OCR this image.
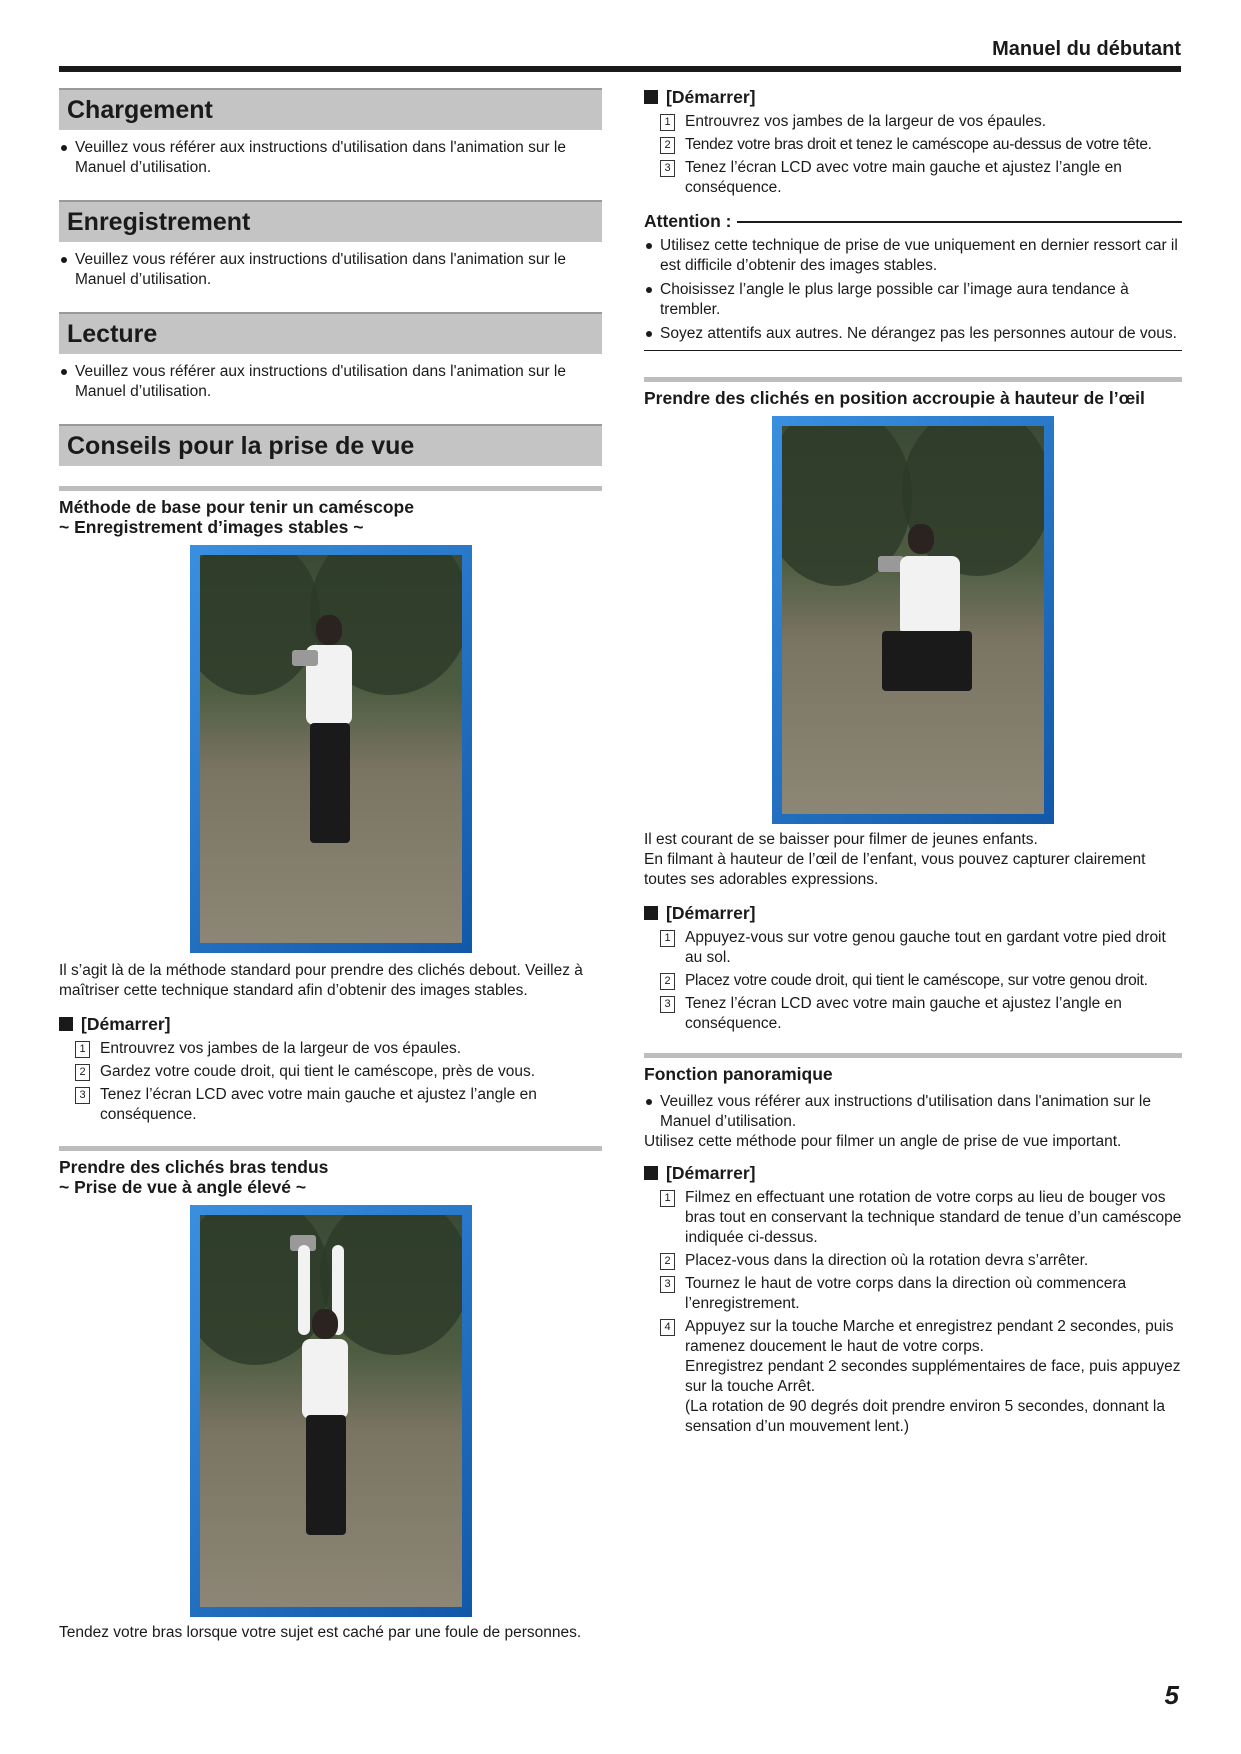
Manuel du débutant
Chargement
Veuillez vous référer aux instructions d'utilisation dans l'animation sur le Manuel d’utilisation.
Enregistrement
Veuillez vous référer aux instructions d'utilisation dans l'animation sur le Manuel d’utilisation.
Lecture
Veuillez vous référer aux instructions d'utilisation dans l'animation sur le Manuel d’utilisation.
Conseils pour la prise de vue
Méthode de base pour tenir un caméscope
~ Enregistrement d’images stables ~
Il s’agit là de la méthode standard pour prendre des clichés debout. Veillez à maîtriser cette technique standard afin d’obtenir des images stables.
[Démarrer]
1 Entrouvrez vos jambes de la largeur de vos épaules.
2 Gardez votre coude droit, qui tient le caméscope, près de vous.
3 Tenez l’écran LCD avec votre main gauche et ajustez l’angle en conséquence.
Prendre des clichés bras tendus
~ Prise de vue à angle élevé ~
Tendez votre bras lorsque votre sujet est caché par une foule de personnes.
[Démarrer]
1 Entrouvrez vos jambes de la largeur de vos épaules.
2 Tendez votre bras droit et tenez le caméscope au-dessus de votre tête.
3 Tenez l’écran LCD avec votre main gauche et ajustez l’angle en conséquence.
Attention :
Utilisez cette technique de prise de vue uniquement en dernier ressort car il est difficile d’obtenir des images stables.
Choisissez l’angle le plus large possible car l’image aura tendance à trembler.
Soyez attentifs aux autres. Ne dérangez pas les personnes autour de vous.
Prendre des clichés en position accroupie à hauteur de l’œil
Il est courant de se baisser pour filmer de jeunes enfants.
En filmant à hauteur de l’œil de l’enfant, vous pouvez capturer clairement toutes ses adorables expressions.
[Démarrer]
1 Appuyez-vous sur votre genou gauche tout en gardant votre pied droit au sol.
2 Placez votre coude droit, qui tient le caméscope, sur votre genou droit.
3 Tenez l’écran LCD avec votre main gauche et ajustez l’angle en conséquence.
Fonction panoramique
Veuillez vous référer aux instructions d'utilisation dans l'animation sur le Manuel d’utilisation.
Utilisez cette méthode pour filmer un angle de prise de vue important.
[Démarrer]
1 Filmez en effectuant une rotation de votre corps au lieu de bouger vos bras tout en conservant la technique standard de tenue d’un caméscope indiquée ci-dessus.
2 Placez-vous dans la direction où la rotation devra s’arrêter.
3 Tournez le haut de votre corps dans la direction où commencera l’enregistrement.
4 Appuyez sur la touche Marche et enregistrez pendant 2 secondes, puis ramenez doucement le haut de votre corps.
Enregistrez pendant 2 secondes supplémentaires de face, puis appuyez sur la touche Arrêt.
(La rotation de 90 degrés doit prendre environ 5 secondes, donnant la sensation d’un mouvement lent.)
5
